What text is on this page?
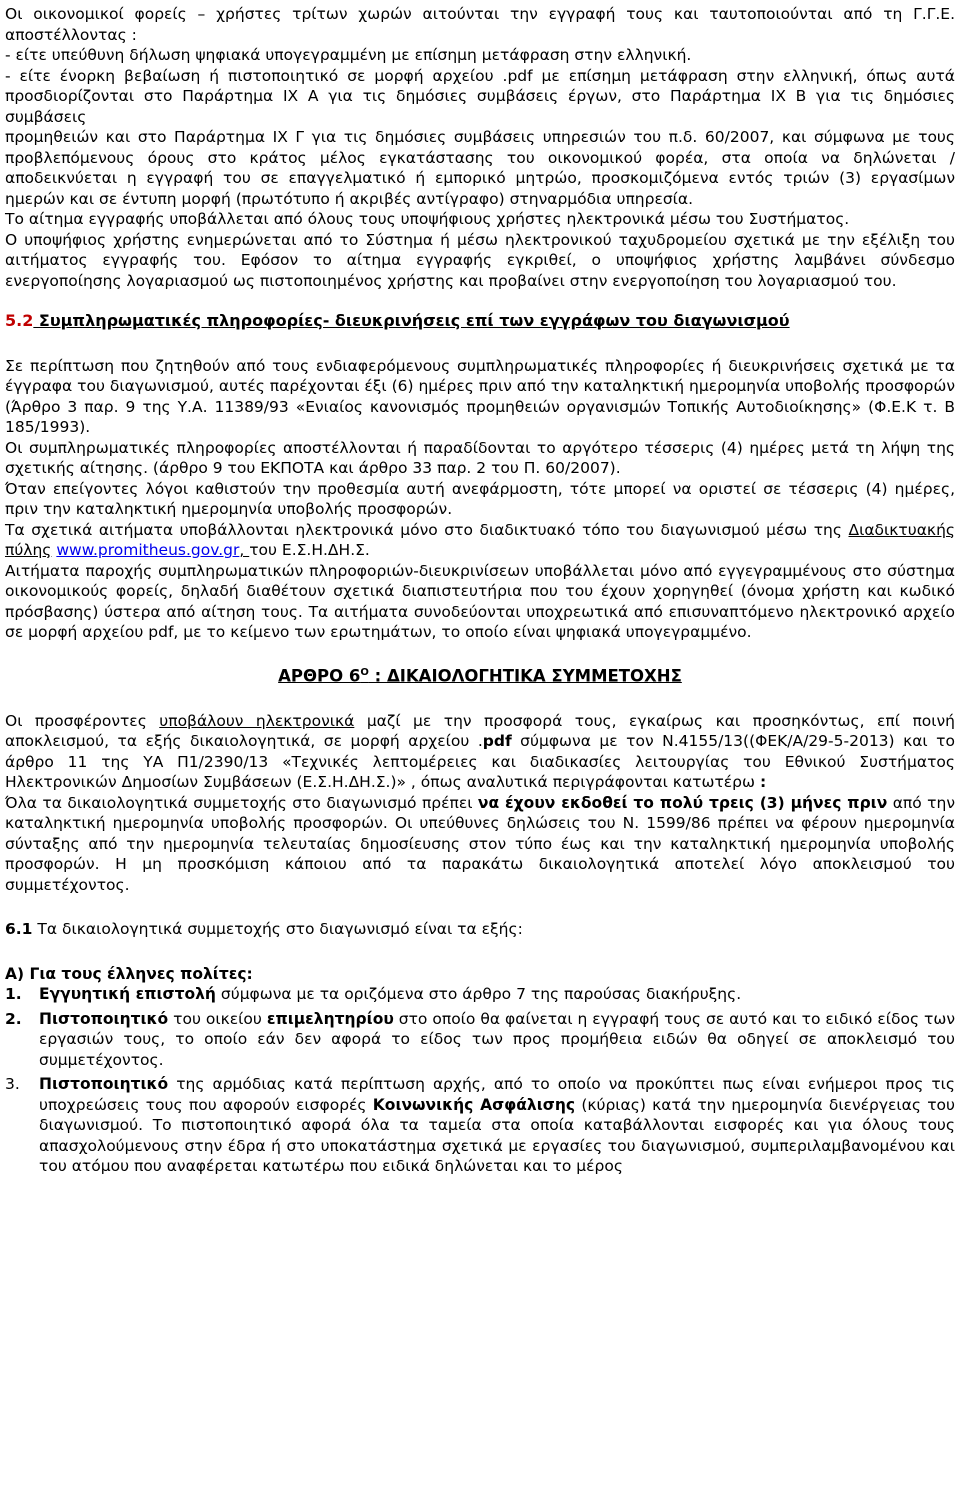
Οι οικονομικοί φορείς – χρήστες τρίτων χωρών αιτούνται την εγγραφή τους και ταυτοποιούνται από τη Γ.Γ.Ε. αποστέλλοντας :

- είτε υπεύθυνη δήλωση ψηφιακά υπογεγραμμένη με επίσημη μετάφραση στην ελληνική.

- είτε ένορκη βεβαίωση ή πιστοποιητικό σε μορφή αρχείου .pdf με επίσημη μετάφραση στην ελληνική, όπως αυτά προσδιορίζονται στο Παράρτημα ΙΧ Α για τις δημόσιες συμβάσεις έργων, στο Παράρτημα ΙΧ Β για τις δημόσιες συμβάσεις

προμηθειών και στο Παράρτημα ΙΧ Γ για τις δημόσιες συμβάσεις υπηρεσιών του π.δ. 60/2007, και σύμφωνα με τους προβλεπόμενους όρους στο κράτος μέλος εγκατάστασης του οικονομικού φορέα, στα οποία να δηλώνεται / αποδεικνύεται η εγγραφή του σε επαγγελματικό ή εμπορικό μητρώο, προσκομιζόμενα εντός τριών (3) εργασίμων ημερών και σε έντυπη μορφή (πρωτότυπο ή ακριβές αντίγραφο) στηναρμόδια υπηρεσία.

Το αίτημα εγγραφής υποβάλλεται από όλους τους υποψήφιους χρήστες ηλεκτρονικά μέσω του Συστήματος.

Ο υποψήφιος χρήστης ενημερώνεται από το Σύστημα ή μέσω ηλεκτρονικού ταχυδρομείου σχετικά με την εξέλιξη του αιτήματος εγγραφής του. Εφόσον το αίτημα εγγραφής εγκριθεί, ο υποψήφιος χρήστης λαμβάνει σύνδεσμο ενεργοποίησης λογαριασμού ως πιστοποιημένος χρήστης και προβαίνει στην ενεργοποίηση του λογαριασμού του.

5.2 Συμπληρωματικές πληροφορίες- διευκρινήσεις επί των εγγράφων του διαγωνισμού

Σε περίπτωση που ζητηθούν από τους ενδιαφερόμενους συμπληρωματικές πληροφορίες ή διευκρινήσεις σχετικά με τα έγγραφα του διαγωνισμού, αυτές παρέχονται έξι (6) ημέρες πριν από την καταληκτική ημερομηνία υποβολής προσφορών (Άρθρο 3 παρ. 9 της Υ.Α. 11389/93 «Ενιαίος κανονισμός προμηθειών οργανισμών Τοπικής Αυτοδιοίκησης» (Φ.Ε.Κ τ. Β 185/1993).

Οι συμπληρωματικές πληροφορίες αποστέλλονται ή παραδίδονται το αργότερο τέσσερις (4) ημέρες μετά τη λήψη της σχετικής αίτησης. (άρθρο 9 του ΕΚΠΟΤΑ και άρθρο 33 παρ. 2 του Π. 60/2007).

Όταν επείγοντες λόγοι καθιστούν την προθεσμία αυτή ανεφάρμοστη, τότε μπορεί να οριστεί σε τέσσερις (4) ημέρες, πριν την καταληκτική ημερομηνία υποβολής προσφορών.

Τα σχετικά αιτήματα υποβάλλονται ηλεκτρονικά μόνο στο διαδικτυακό τόπο του διαγωνισμού μέσω της Διαδικτυακής πύλης www.promitheus.gov.gr, του Ε.Σ.Η.ΔΗ.Σ.

Αιτήματα παροχής συμπληρωματικών πληροφοριών-διευκρινίσεων υποβάλλεται μόνο από εγγεγραμμένους στο σύστημα οικονομικούς φορείς, δηλαδή διαθέτουν σχετικά διαπιστευτήρια που του έχουν χορηγηθεί (όνομα χρήστη και κωδικό πρόσβασης) ύστερα από αίτηση τους. Τα αιτήματα συνοδεύονται υποχρεωτικά από επισυναπτόμενο ηλεκτρονικό αρχείο σε μορφή αρχείου pdf, με το κείμενο των ερωτημάτων, το οποίο είναι ψηφιακά υπογεγραμμένο.

ΑΡΘΡΟ $6^O$ : ΔΙΚΑΙΟΛΟΓΗΤΙΚΑ ΣΥΜΜΕΤΟΧΗΣ

Οι προσφέροντες υποβάλουν ηλεκτρονικά μαζί με την προσφορά τους, εγκαίρως και προσηκόντως, επί ποινή αποκλεισμού, τα εξής δικαιολογητικά, σε μορφή αρχείου .pdf σύμφωνα με τον Ν.4155/13((ΦΕΚ/Α/29-5-2013) και το άρθρο 11 της ΥΑ Π1/2390/13 «Τεχνικές λεπτομέρειες και διαδικασίες λειτουργίας του Εθνικού Συστήματος Ηλεκτρονικών Δημοσίων Συμβάσεων (Ε.Σ.Η.ΔΗ.Σ.)» , όπως αναλυτικά περιγράφονται κατωτέρω :

Όλα τα δικαιολογητικά συμμετοχής στο διαγωνισμό πρέπει να έχουν εκδοθεί το πολύ τρεις (3) μήνες πριν από την καταληκτική ημερομηνία υποβολής προσφορών. Οι υπεύθυνες δηλώσεις του Ν. 1599/86 πρέπει να φέρουν ημερομηνία σύνταξης από την ημερομηνία τελευταίας δημοσίευσης στον τύπο έως και την καταληκτική ημερομηνία υποβολής προσφορών. Η μη προσκόμιση κάποιου από τα παρακάτω δικαιολογητικά αποτελεί λόγο αποκλεισμού του συμμετέχοντος.

6.1 Τα δικαιολογητικά συμμετοχής στο διαγωνισμό είναι τα εξής:

Α) Για τους έλληνες πολίτες:

1.	Εγγυητική επιστολή σύμφωνα με τα οριζόμενα στο άρθρο 7 της παρούσας διακήρυξης.

2.	Πιστοποιητικό του οικείου επιμελητηρίου στο οποίο θα φαίνεται η εγγραφή τους σε αυτό και το ειδικό είδος των εργασιών τους, το οποίο εάν δεν αφορά το είδος των προς προμήθεια ειδών θα οδηγεί σε αποκλεισμό του συμμετέχοντος.

3.	Πιστοποιητικό της αρμόδιας κατά περίπτωση αρχής, από το οποίο να προκύπτει πως είναι ενήμεροι προς τις υποχρεώσεις τους που αφορούν εισφορές Κοινωνικής Ασφάλισης (κύριας) κατά την ημερομηνία διενέργειας του διαγωνισμού. Το πιστοποιητικό αφορά όλα τα ταμεία στα οποία καταβάλλονται εισφορές και για όλους τους απασχολούμενους στην έδρα ή στο υποκατάστημα σχετικά με εργασίες του διαγωνισμού, συμπεριλαμβανομένου και του ατόμου που αναφέρεται κατωτέρω που ειδικά δηλώνεται και το μέρος
